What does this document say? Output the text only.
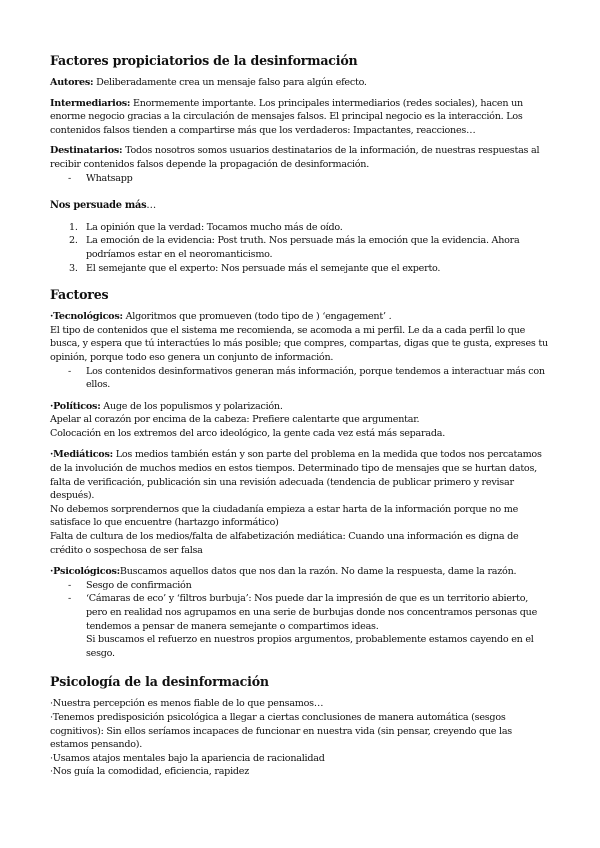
Factores propiciatorios de la desinformación

Autores: Deliberadamente crea un mensaje falso para algún efecto.

Intermediarios: Enormemente importante. Los principales intermediarios (redes sociales), hacen un enorme negocio gracias a la circulación de mensajes falsos. El principal negocio es la interacción. Los contenidos falsos tienden a compartirse más que los verdaderos: Impactantes, reacciones…

Destinatarios: Todos nosotros somos usuarios destinatarios de la información, de nuestras respuestas al recibir contenidos falsos depende la propagación de desinformación.

- Whatsapp
Nos persuade más…
1. La opinión que la verdad: Tocamos mucho más de oído.
2. La emoción de la evidencia: Post truth. Nos persuade más la emoción que la evidencia. Ahora podríamos estar en el neoromanticismo.
3. El semejante que el experto: Nos persuade más el semejante que el experto.
Factores

·Tecnológicos: Algoritmos que promueven (todo tipo de ) ‘engagement’ .

El tipo de contenidos que el sistema me recomienda, se acomoda a mi perfil. Le da a cada perfil lo que busca, y espera que tú interactúes lo más posible; que compres, compartas, digas que te gusta, expreses tu opinión, porque todo eso genera un conjunto de información.

- Los contenidos desinformativos generan más información, porque tendemos a interactuar más con ellos.

·Políticos: Auge de los populismos y polarización.

Apelar al corazón por encima de la cabeza: Prefiere calentarte que argumentar.

Colocación en los extremos del arco ideológico, la gente cada vez está más separada.

·Mediáticos: Los medios también están y son parte del problema en la medida que todos nos percatamos de la involución de muchos medios en estos tiempos. Determinado tipo de mensajes que se hurtan datos, falta de verificación, publicación sin una revisión adecuada (tendencia de publicar primero y revisar después).

No debemos sorprendernos que la ciudadanía empieza a estar harta de la información porque no me satisface lo que encuentre (hartazgo informático)

Falta de cultura de los medios/falta de alfabetización mediática: Cuando una información es digna de crédito o sospechosa de ser falsa

·Psicológicos:Buscamos aquellos datos que nos dan la razón. No dame la respuesta, dame la razón.

- Sesgo de confirmación
- ‘Cámaras de eco’ y ‘filtros burbuja’: Nos puede dar la impresión de que es un territorio abierto, pero en realidad nos agrupamos en una serie de burbujas donde nos concentramos personas que tendemos a pensar de manera semejante o compartimos ideas.
Si buscamos el refuerzo en nuestros propios argumentos, probablemente estamos cayendo en el sesgo.
Psicología de la desinformación

·Nuestra percepción es menos fiable de lo que pensamos…

·Tenemos predisposición psicológica a llegar a ciertas conclusiones de manera automática (sesgos cognitivos): Sin ellos seríamos incapaces de funcionar en nuestra vida (sin pensar, creyendo que las estamos pensando).

·Usamos atajos mentales bajo la apariencia de racionalidad

·Nos guía la comodidad, eficiencia, rapidez
